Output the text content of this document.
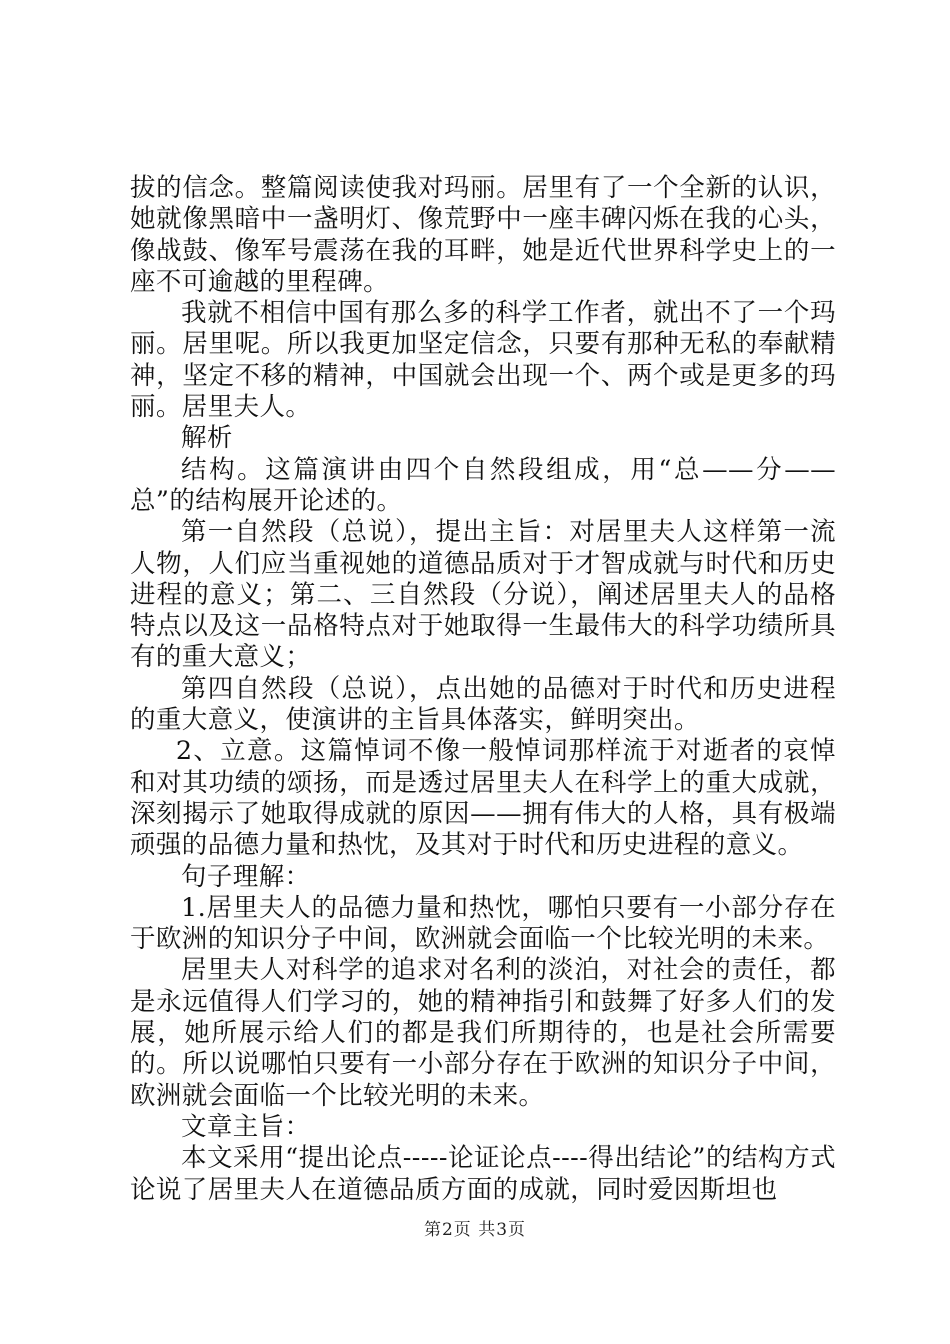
拔的信念。整篇阅读使我对玛丽。居里有了一个全新的认识，她就像黑暗中一盏明灯、像荒野中一座丰碑闪烁在我的心头，像战鼓、像军号震荡在我的耳畔，她是近代世界科学史上的一座不可逾越的里程碑。

我就不相信中国有那么多的科学工作者，就出不了一个玛丽。居里呢。所以我更加坚定信念，只要有那种无私的奉献精神，坚定不移的精神，中国就会出现一个、两个或是更多的玛丽。居里夫人。

解析

结构。这篇演讲由四个自然段组成，用“总——分——总”的结构展开论述的。

第一自然段（总说），提出主旨：对居里夫人这样第一流人物，人们应当重视她的道德品质对于才智成就与时代和历史进程的意义；第二、三自然段（分说），阐述居里夫人的品格特点以及这一品格特点对于她取得一生最伟大的科学功绩所具有的重大意义；

第四自然段（总说），点出她的品德对于时代和历史进程的重大意义，使演讲的主旨具体落实，鲜明突出。

2、立意。这篇悼词不像一般悼词那样流于对逝者的哀悼和对其功绩的颂扬，而是透过居里夫人在科学上的重大成就，深刻揭示了她取得成就的原因——拥有伟大的人格，具有极端顽强的品德力量和热忱，及其对于时代和历史进程的意义。

句子理解：

1.居里夫人的品德力量和热忱，哪怕只要有一小部分存在于欧洲的知识分子中间，欧洲就会面临一个比较光明的未来。

居里夫人对科学的追求对名利的淡泊，对社会的责任，都是永远值得人们学习的，她的精神指引和鼓舞了好多人们的发展，她所展示给人们的都是我们所期待的，也是社会所需要的。所以说哪怕只要有一小部分存在于欧洲的知识分子中间，欧洲就会面临一个比较光明的未来。

文章主旨：

本文采用“提出论点-----论证论点----得出结论”的结构方式论说了居里夫人在道德品质方面的成就，同时爱因斯坦也

第2页 共3页
